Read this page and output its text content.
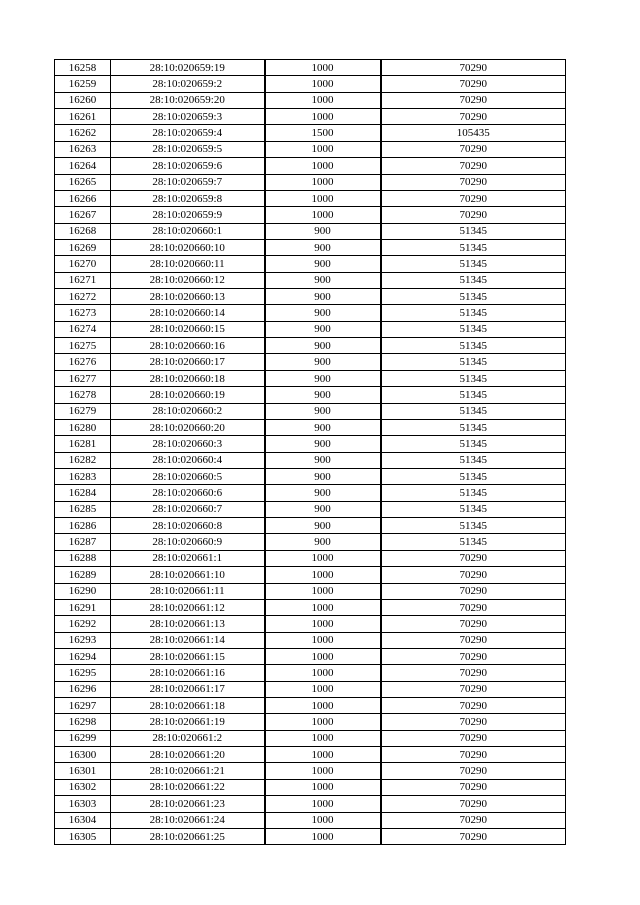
16258	28:10:020659:19	1000	70290
16259	28:10:020659:2	1000	70290
16260	28:10:020659:20	1000	70290
16261	28:10:020659:3	1000	70290
16262	28:10:020659:4	1500	105435
16263	28:10:020659:5	1000	70290
16264	28:10:020659:6	1000	70290
16265	28:10:020659:7	1000	70290
16266	28:10:020659:8	1000	70290
16267	28:10:020659:9	1000	70290
16268	28:10:020660:1	900	51345
16269	28:10:020660:10	900	51345
16270	28:10:020660:11	900	51345
16271	28:10:020660:12	900	51345
16272	28:10:020660:13	900	51345
16273	28:10:020660:14	900	51345
16274	28:10:020660:15	900	51345
16275	28:10:020660:16	900	51345
16276	28:10:020660:17	900	51345
16277	28:10:020660:18	900	51345
16278	28:10:020660:19	900	51345
16279	28:10:020660:2	900	51345
16280	28:10:020660:20	900	51345
16281	28:10:020660:3	900	51345
16282	28:10:020660:4	900	51345
16283	28:10:020660:5	900	51345
16284	28:10:020660:6	900	51345
16285	28:10:020660:7	900	51345
16286	28:10:020660:8	900	51345
16287	28:10:020660:9	900	51345
16288	28:10:020661:1	1000	70290
16289	28:10:020661:10	1000	70290
16290	28:10:020661:11	1000	70290
16291	28:10:020661:12	1000	70290
16292	28:10:020661:13	1000	70290
16293	28:10:020661:14	1000	70290
16294	28:10:020661:15	1000	70290
16295	28:10:020661:16	1000	70290
16296	28:10:020661:17	1000	70290
16297	28:10:020661:18	1000	70290
16298	28:10:020661:19	1000	70290
16299	28:10:020661:2	1000	70290
16300	28:10:020661:20	1000	70290
16301	28:10:020661:21	1000	70290
16302	28:10:020661:22	1000	70290
16303	28:10:020661:23	1000	70290
16304	28:10:020661:24	1000	70290
16305	28:10:020661:25	1000	70290
